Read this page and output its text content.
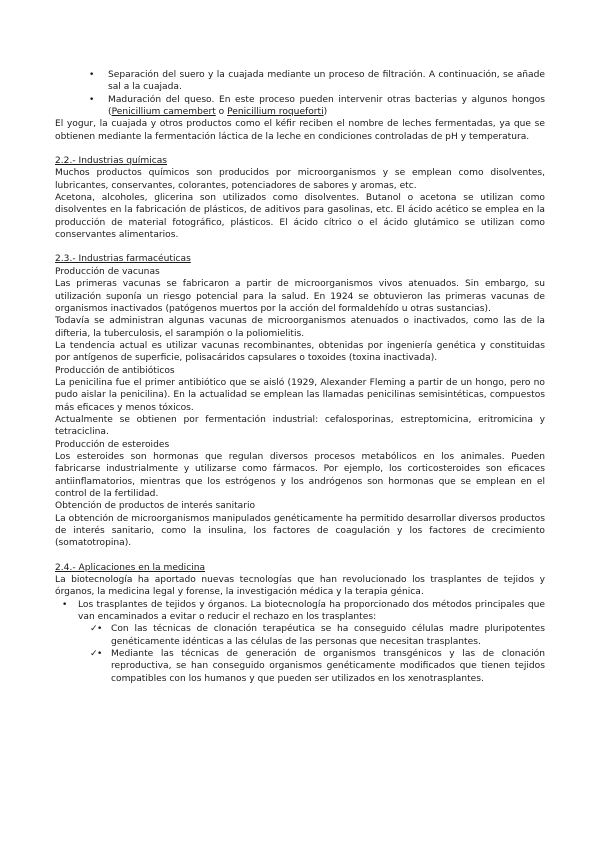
• Separación del suero y la cuajada mediante un proceso de filtración. A continuación, se añade sal a la cuajada.
• Maduración del queso. En este proceso pueden intervenir otras bacterias y algunos hongos (Penicillium camembert o Penicillium roqueforti)

El yogur, la cuajada y otros productos como el kéfir reciben el nombre de leches fermentadas, ya que se obtienen mediante la fermentación láctica de la leche en condiciones controladas de pH y temperatura.

2.2.- Industrias químicas

Muchos productos químicos son producidos por microorganismos y se emplean como disolventes, lubricantes, conservantes, colorantes, potenciadores de sabores y aromas, etc.

Acetona, alcoholes, glicerina son utilizados como disolventes. Butanol o acetona se utilizan como disolventes en la fabricación de plásticos, de aditivos para gasolinas, etc. El ácido acético se emplea en la producción de material fotográfico, plásticos. El ácido cítrico o el ácido glutámico se utilizan como conservantes alimentarios.

2.3.- Industrias farmacéuticas

Producción de vacunas

Las primeras vacunas se fabricaron a partir de microorganismos vivos atenuados. Sin embargo, su utilización suponía un riesgo potencial para la salud. En 1924 se obtuvieron las primeras vacunas de organismos inactivados (patógenos muertos por la acción del formaldehído u otras sustancias).

Todavía se administran algunas vacunas de microorganismos atenuados o inactivados, como las de la difteria, la tuberculosis, el sarampión o la poliomielitis.

La tendencia actual es utilizar vacunas recombinantes, obtenidas por ingeniería genética y constituidas por antígenos de superficie, polisacáridos capsulares o toxoides (toxina inactivada).

Producción de antibióticos

La penicilina fue el primer antibiótico que se aisló (1929, Alexander Fleming a partir de un hongo, pero no pudo aislar la penicilina). En la actualidad se emplean las llamadas penicilinas semisintéticas, compuestos más eficaces y menos tóxicos.

Actualmente se obtienen por fermentación industrial: cefalosporinas, estreptomicina, eritromicina y tetraciclina.

Producción de esteroides

Los esteroides son hormonas que regulan diversos procesos metabólicos en los animales. Pueden fabricarse industrialmente y utilizarse como fármacos. Por ejemplo, los corticosteroides son eficaces antiinflamatorios, mientras que los estrógenos y los andrógenos son hormonas que se emplean en el control de la fertilidad.

Obtención de productos de interés sanitario

La obtención de microorganismos manipulados genéticamente ha permitido desarrollar diversos productos de interés sanitario, como la insulina, los factores de coagulación y los factores de crecimiento (somatotropina).

2.4.- Aplicaciones en la medicina

La biotecnología ha aportado nuevas tecnologías que han revolucionado los trasplantes de tejidos y órganos, la medicina legal y forense, la investigación médica y la terapia génica.

• Los trasplantes de tejidos y órganos. La biotecnología ha proporcionado dos métodos principales que van encaminados a evitar o reducir el rechazo en los trasplantes:
• ✓ Con las técnicas de clonación terapéutica se ha conseguido células madre pluripotentes genéticamente idénticas a las células de las personas que necesitan trasplantes.
• ✓ Mediante las técnicas de generación de organismos transgénicos y las de clonación reproductiva, se han conseguido organismos genéticamente modificados que tienen tejidos compatibles con los humanos y que pueden ser utilizados en los xenotrasplantes.
